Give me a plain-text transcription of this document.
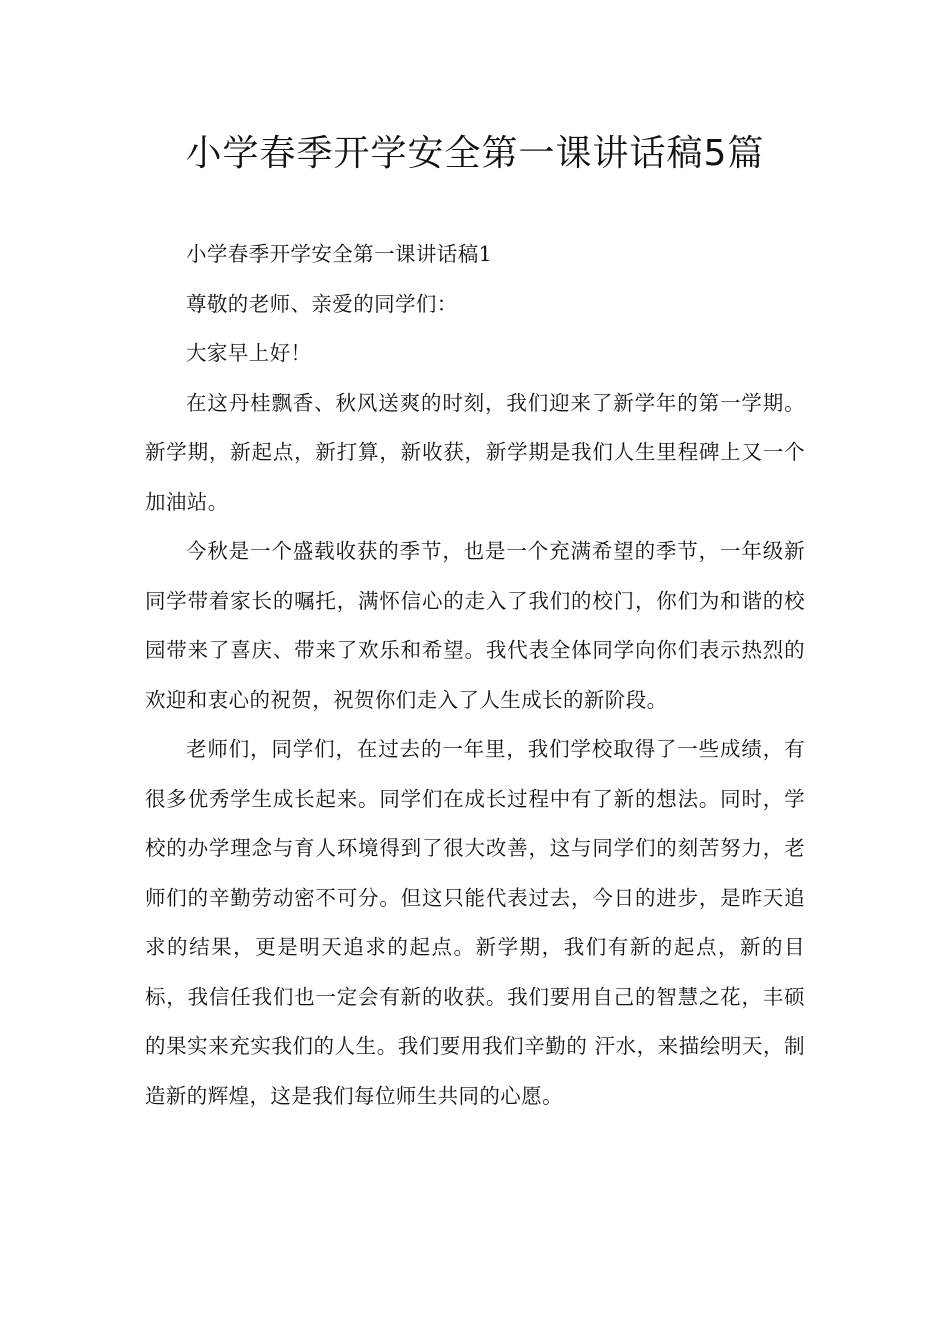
小学春季开学安全第一课讲话稿5篇

小学春季开学安全第一课讲话稿1

尊敬的老师、亲爱的同学们：

大家早上好！

在这丹桂飘香、秋风送爽的时刻，我们迎来了新学年的第一学期。新学期，新起点，新打算，新收获，新学期是我们人生里程碑上又一个加油站。

今秋是一个盛载收获的季节，也是一个充满希望的季节，一年级新同学带着家长的嘱托，满怀信心的走入了我们的校门，你们为和谐的校园带来了喜庆、带来了欢乐和希望。我代表全体同学向你们表示热烈的欢迎和衷心的祝贺，祝贺你们走入了人生成长的新阶段。

老师们，同学们，在过去的一年里，我们学校取得了一些成绩，有很多优秀学生成长起来。同学们在成长过程中有了新的想法。同时，学校的办学理念与育人环境得到了很大改善，这与同学们的刻苦努力，老师们的辛勤劳动密不可分。但这只能代表过去，今日的进步，是昨天追求的结果，更是明天追求的起点。新学期，我们有新的起点，新的目标，我信任我们也一定会有新的收获。我们要用自己的智慧之花，丰硕的果实来充实我们的人生。我们要用我们辛勤的 汗水，来描绘明天，制造新的辉煌，这是我们每位师生共同的心愿。
